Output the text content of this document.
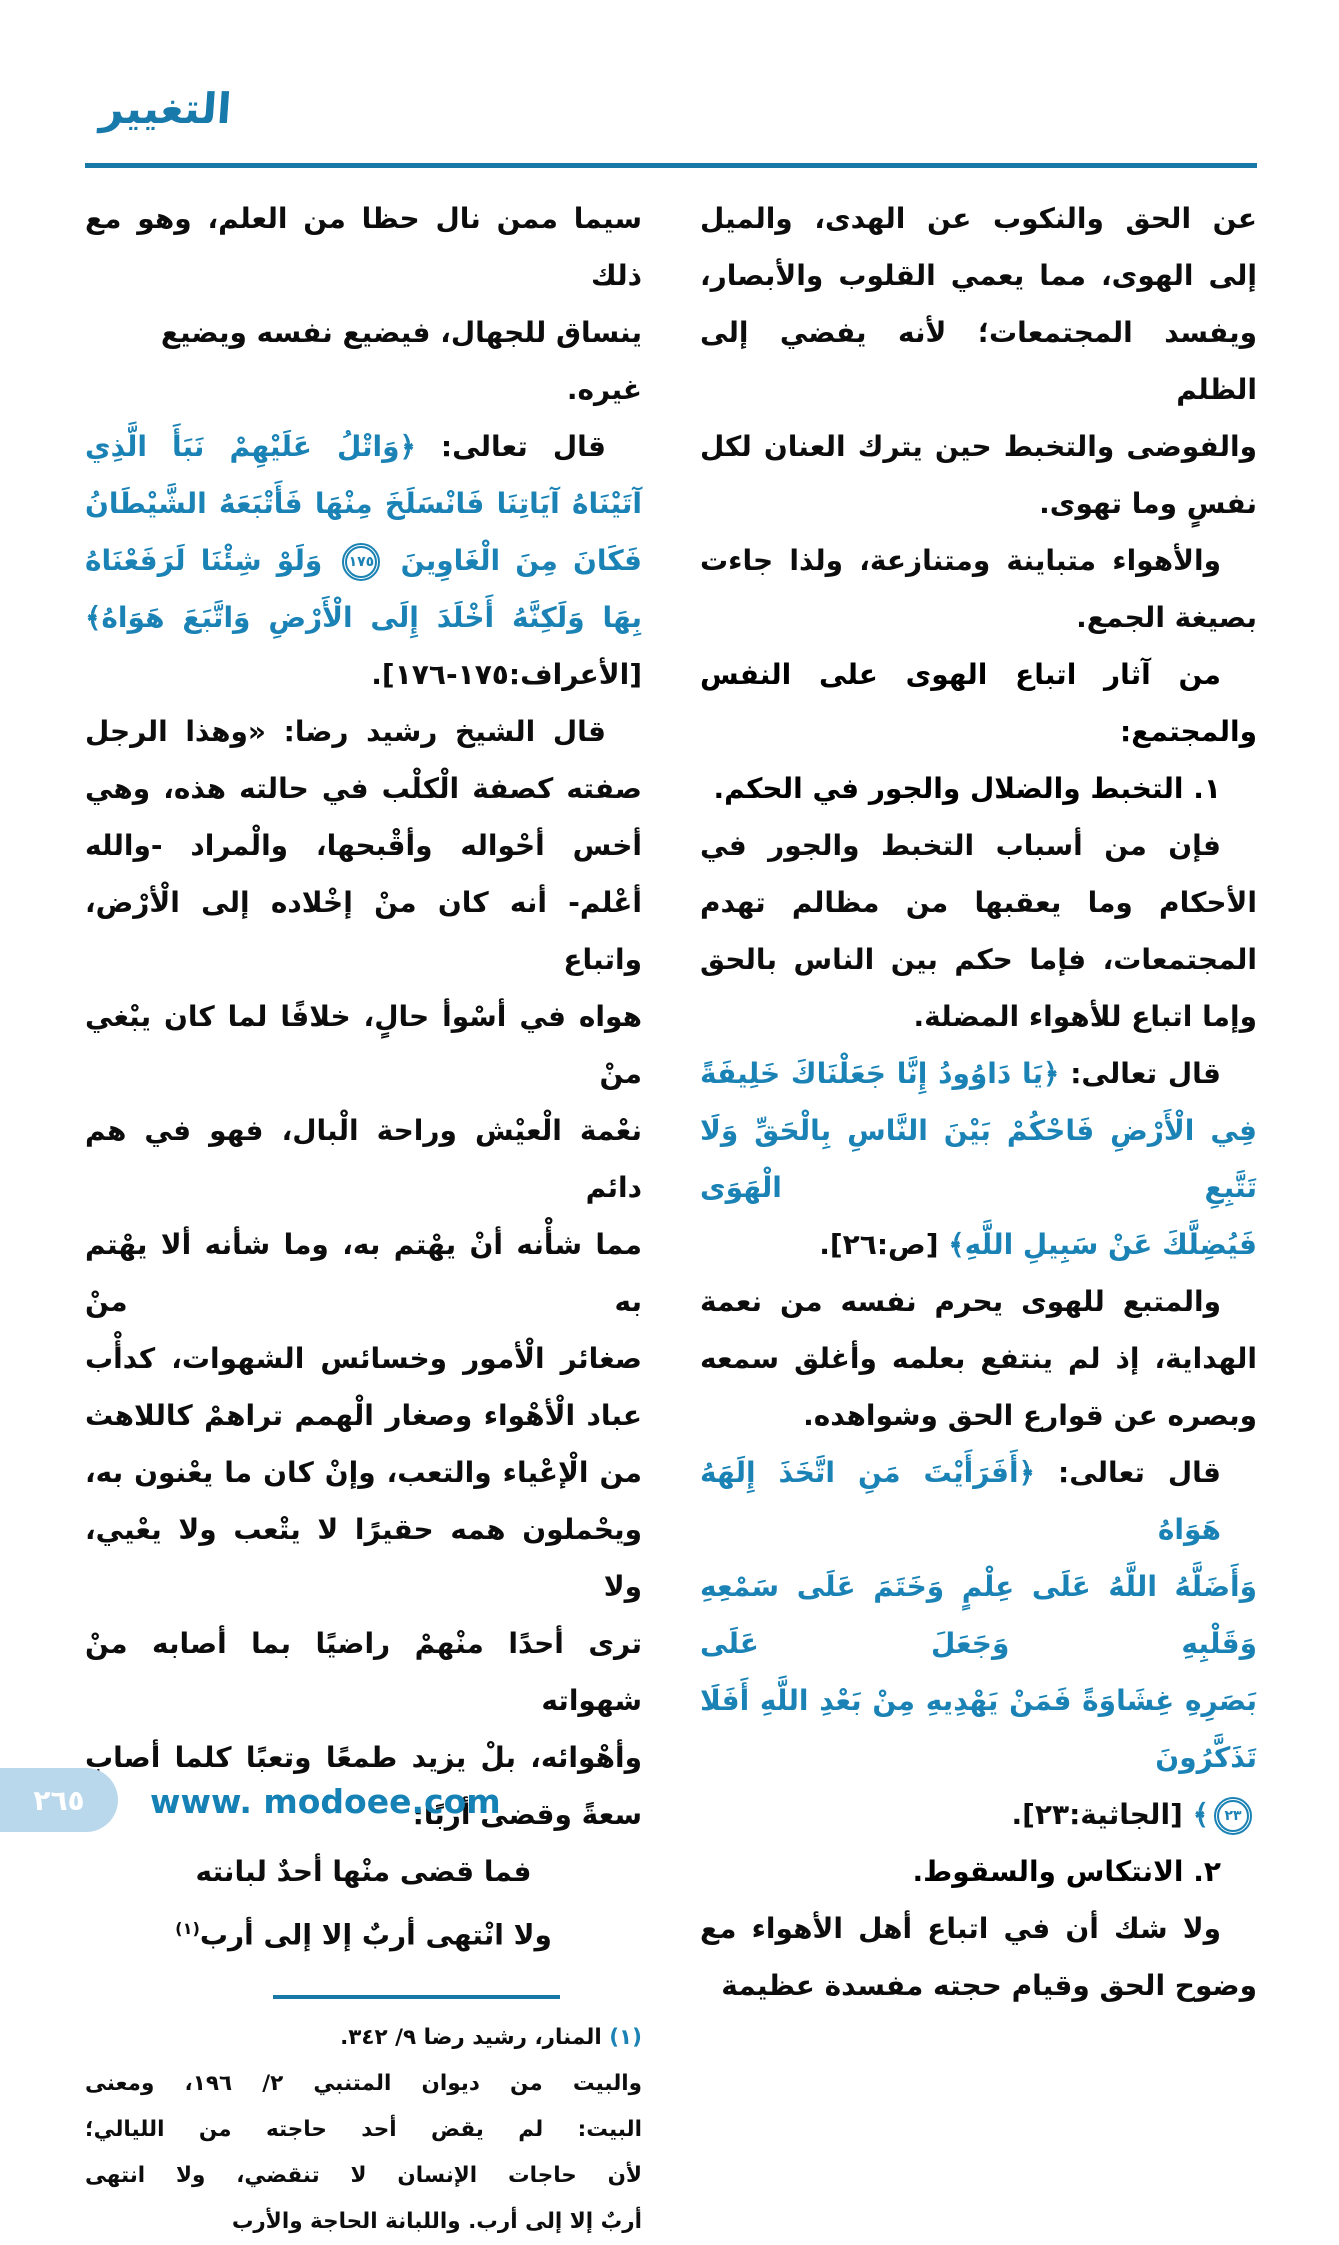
التغيير
عن الحق والنكوب عن الهدى، والميل
إلى الهوى، مما يعمي القلوب والأبصار،
ويفسد المجتمعات؛ لأنه يفضي إلى الظلم
والفوضى والتخبط حين يترك العنان لكل
نفسٍ وما تهوى.
والأهواء متباينة ومتنازعة، ولذا جاءت
بصيغة الجمع.
من آثار اتباع الهوى على النفس
والمجتمع:
١. التخبط والضلال والجور في الحكم.
فإن من أسباب التخبط والجور في
الأحكام وما يعقبها من مظالم تهدم
المجتمعات، فإما حكم بين الناس بالحق
وإما اتباع للأهواء المضلة.
قال تعالى: ﴿يَا دَاوُودُ إِنَّا جَعَلْنَاكَ خَلِيفَةً
فِي الْأَرْضِ فَاحْكُمْ بَيْنَ النَّاسِ بِالْحَقِّ وَلَا تَتَّبِعِ الْهَوَى
فَيُضِلَّكَ عَنْ سَبِيلِ اللَّهِ﴾ [ص:٢٦].
والمتبع للهوى يحرم نفسه من نعمة
الهداية، إذ لم ينتفع بعلمه وأغلق سمعه
وبصره عن قوارع الحق وشواهده.
قال تعالى: ﴿أَفَرَأَيْتَ مَنِ اتَّخَذَ إِلَهَهُ هَوَاهُ
وَأَضَلَّهُ اللَّهُ عَلَى عِلْمٍ وَخَتَمَ عَلَى سَمْعِهِ وَقَلْبِهِ وَجَعَلَ عَلَى
بَصَرِهِ غِشَاوَةً فَمَنْ يَهْدِيهِ مِنْ بَعْدِ اللَّهِ أَفَلَا تَذَكَّرُونَ
٢٣﴾ [الجاثية:٢٣].
٢. الانتكاس والسقوط.
ولا شك أن في اتباع أهل الأهواء مع
وضوح الحق وقيام حجته مفسدة عظيمة
سيما ممن نال حظا من العلم، وهو مع ذلك
ينساق للجهال، فيضيع نفسه ويضيع غيره.
قال تعالى: ﴿وَاتْلُ عَلَيْهِمْ نَبَأَ الَّذِي
آتَيْنَاهُ آيَاتِنَا فَانْسَلَخَ مِنْهَا فَأَتْبَعَهُ الشَّيْطَانُ
فَكَانَ مِنَ الْغَاوِينَ ١٧٥ وَلَوْ شِئْنَا لَرَفَعْنَاهُ
بِهَا وَلَكِنَّهُ أَخْلَدَ إِلَى الْأَرْضِ وَاتَّبَعَ هَوَاهُ﴾
[الأعراف:١٧٥-١٧٦].
قال الشيخ رشيد رضا: «وهذا الرجل
صفته كصفة الْكلْب في حالته هذه، وهي
أخس أحْواله وأقْبحها، والْمراد -والله
أعْلم- أنه كان منْ إخْلاده إلى الْأرْض، واتباع
هواه في أسْوأ حالٍ، خلافًا لما كان يبْغي منْ
نعْمة الْعيْش وراحة الْبال، فهو في هم دائم
مما شأْنه أنْ يهْتم به، وما شأنه ألا يهْتم به منْ
صغائر الْأمور وخسائس الشهوات، كدأْب
عباد الْأهْواء وصغار الْهمم تراهمْ كاللاهث
من الْإعْياء والتعب، وإنْ كان ما يعْنون به،
ويحْملون همه حقيرًا لا يتْعب ولا يعْيي، ولا
ترى أحدًا منْهمْ راضيًا بما أصابه منْ شهواته
وأهْوائه، بلْ يزيد طمعًا وتعبًا كلما أصاب
سعةً وقضى أربًا:
فما قضى منْها أحدٌ لبانته
ولا انْتهى أربٌ إلا إلى أرب$^{(١)}$
(١) المنار، رشيد رضا ٩/ ٣٤٢.
والبيت من ديوان المتنبي ٢/ ١٩٦، ومعنى
البيت: لم يقض أحد حاجته من الليالي؛
لأن حاجات الإنسان لا تنقضي، ولا انتهى
أربٌ إلا إلى أرب. واللبانة الحاجة والأرب
٢٦٥ www. modoee.com
